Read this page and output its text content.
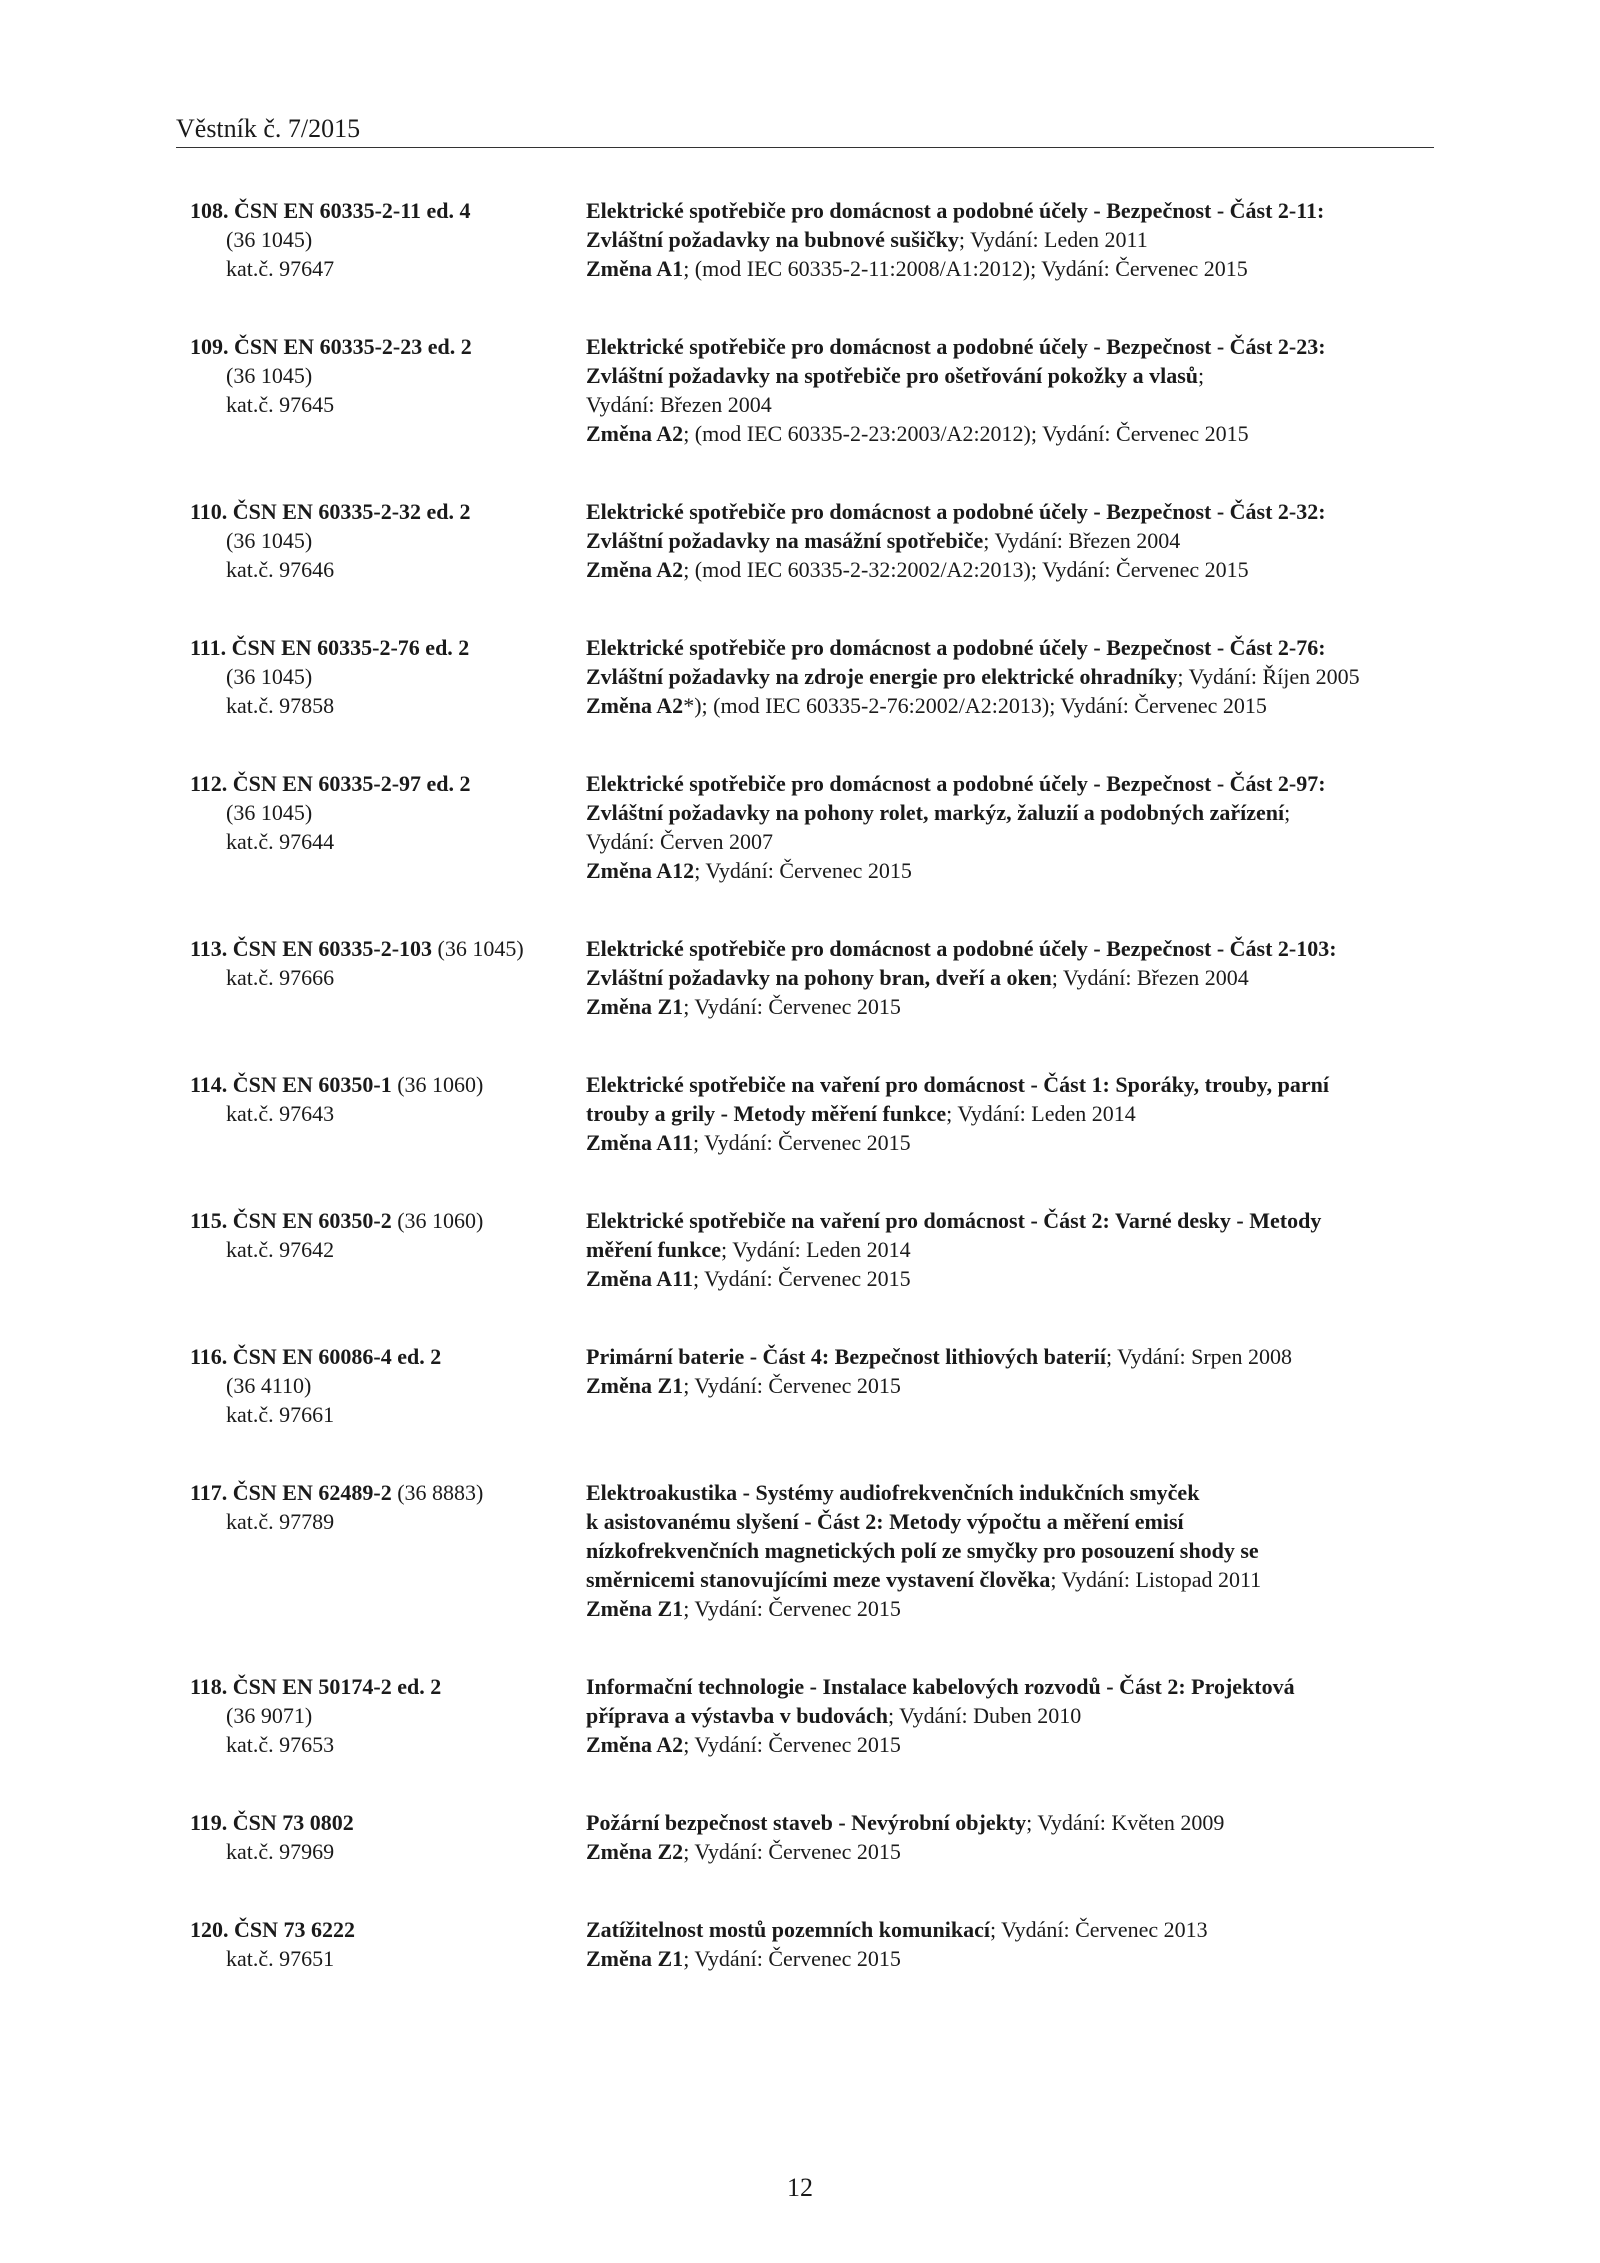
Věstník č. 7/2015
108. ČSN EN 60335-2-11 ed. 4
(36 1045)
kat.č. 97647
Elektrické spotřebiče pro domácnost a podobné účely - Bezpečnost - Část 2-11:
Zvláštní požadavky na bubnové sušičky; Vydání: Leden 2011
Změna A1; (mod IEC 60335-2-11:2008/A1:2012); Vydání: Červenec 2015
109. ČSN EN 60335-2-23 ed. 2
(36 1045)
kat.č. 97645
Elektrické spotřebiče pro domácnost a podobné účely - Bezpečnost - Část 2-23:
Zvláštní požadavky na spotřebiče pro ošetřování pokožky a vlasů;
Vydání: Březen 2004
Změna A2; (mod IEC 60335-2-23:2003/A2:2012); Vydání: Červenec 2015
110. ČSN EN 60335-2-32 ed. 2
(36 1045)
kat.č. 97646
Elektrické spotřebiče pro domácnost a podobné účely - Bezpečnost - Část 2-32:
Zvláštní požadavky na masážní spotřebiče; Vydání: Březen 2004
Změna A2; (mod IEC 60335-2-32:2002/A2:2013); Vydání: Červenec 2015
111. ČSN EN 60335-2-76 ed. 2
(36 1045)
kat.č. 97858
Elektrické spotřebiče pro domácnost a podobné účely - Bezpečnost - Část 2-76:
Zvláštní požadavky na zdroje energie pro elektrické ohradníky; Vydání: Říjen 2005
Změna A2*); (mod IEC 60335-2-76:2002/A2:2013); Vydání: Červenec 2015
112. ČSN EN 60335-2-97 ed. 2
(36 1045)
kat.č. 97644
Elektrické spotřebiče pro domácnost a podobné účely - Bezpečnost - Část 2-97:
Zvláštní požadavky na pohony rolet, markýz, žaluzií a podobných zařízení;
Vydání: Červen 2007
Změna A12; Vydání: Červenec 2015
113. ČSN EN 60335-2-103 (36 1045)
kat.č. 97666
Elektrické spotřebiče pro domácnost a podobné účely - Bezpečnost - Část 2-103:
Zvláštní požadavky na pohony bran, dveří a oken; Vydání: Březen 2004
Změna Z1; Vydání: Červenec 2015
114. ČSN EN 60350-1 (36 1060)
kat.č. 97643
Elektrické spotřebiče na vaření pro domácnost - Část 1: Sporáky, trouby, parní
trouby a grily - Metody měření funkce; Vydání: Leden 2014
Změna A11; Vydání: Červenec 2015
115. ČSN EN 60350-2 (36 1060)
kat.č. 97642
Elektrické spotřebiče na vaření pro domácnost - Část 2: Varné desky - Metody
měření funkce; Vydání: Leden 2014
Změna A11; Vydání: Červenec 2015
116. ČSN EN 60086-4 ed. 2
(36 4110)
kat.č. 97661
Primární baterie - Část 4: Bezpečnost lithiových baterií; Vydání: Srpen 2008
Změna Z1; Vydání: Červenec 2015
117. ČSN EN 62489-2 (36 8883)
kat.č. 97789
Elektroakustika - Systémy audiofrekvenčních indukčních smyček
k asistovanému slyšení - Část 2: Metody výpočtu a měření emisí
nízkofrekvenčních magnetických polí ze smyčky pro posouzení shody se
směrnicemi stanovujícími meze vystavení člověka; Vydání: Listopad 2011
Změna Z1; Vydání: Červenec 2015
118. ČSN EN 50174-2 ed. 2
(36 9071)
kat.č. 97653
Informační technologie - Instalace kabelových rozvodů - Část 2: Projektová
příprava a výstavba v budovách; Vydání: Duben 2010
Změna A2; Vydání: Červenec 2015
119. ČSN 73 0802
kat.č. 97969
Požární bezpečnost staveb - Nevýrobní objekty; Vydání: Květen 2009
Změna Z2; Vydání: Červenec 2015
120. ČSN 73 6222
kat.č. 97651
Zatížitelnost mostů pozemních komunikací; Vydání: Červenec 2013
Změna Z1; Vydání: Červenec 2015
12
